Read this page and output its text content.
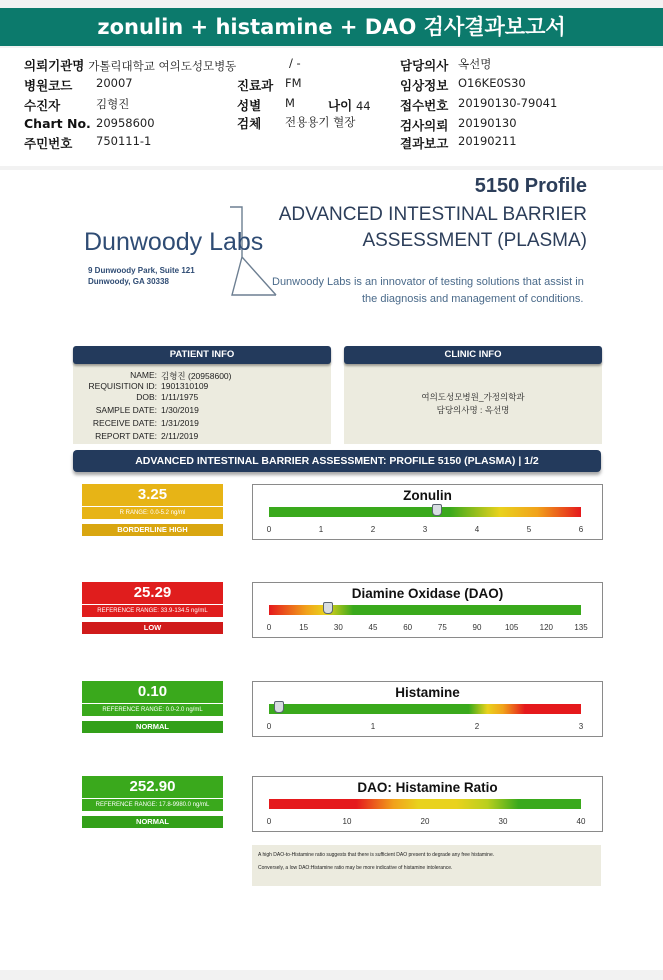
zonulin + histamine + DAO 검사결과보고서
의뢰기관명 가톨릭대학교 여의도성모병동
병원코드 20007
수진자	김형진
Chart No. 20958600
주민번호 750111-1
/ -
진료과 FM
성별 M	나이 44
검체 전용용기 혈장
담당의사 옥선명
임상정보 O16KE0S30
접수번호 20190130-79041
검사의뢰 20190130
결과보고 20190211
5150 Profile
ADVANCED INTESTINAL BARRIER
ASSESSMENT (PLASMA)
Dunwoody Labs
9 Dunwoody Park, Suite 121
Dunwoody, GA 30338	Dunwoody Labs is an innovator of testing solutions that assist in
the diagnosis and management of conditions.
NAME: 김형진 (20958600)
REQUISITION ID: 1901310109
DOB: 1/11/1975
SAMPLE DATE: 1/30/2019
RECEIVE DATE: 1/31/2019
REPORT DATE: 2/11/2019
PATIENT INFO
여의도성모병원_가정의학과
담당의사명 : 옥선명
CLINIC INFO
ADVANCED INTESTINAL BARRIER ASSESSMENT: PROFILE 5150 (PLASMA) | 1/2
3.25
R RANGE: 0.0-5.2 ng/ml
BORDERLINE HIGH
Zonulin
0	1	2	3	4	5	6
25.29
REFERENCE RANGE: 33.9-134.5 ng/mL
LOW
Diamine Oxidase (DAO)
0	15	30	45	60	75	90	105	120	135
0.10
REFERENCE RANGE: 0.0-2.0 ng/mL
NORMAL
Histamine
0	1	2	3
252.90
REFERENCE RANGE: 17.8-9980.0 ng/mL
NORMAL
DAO: Histamine Ratio
0	10	20	30	40
A high DAO-to-Histamine ratio suggests that there is sufficient DAO present to degrade any free histamine.
Conversely, a low DAO:Histamine ratio may be more indicative of histamine intolerance.
